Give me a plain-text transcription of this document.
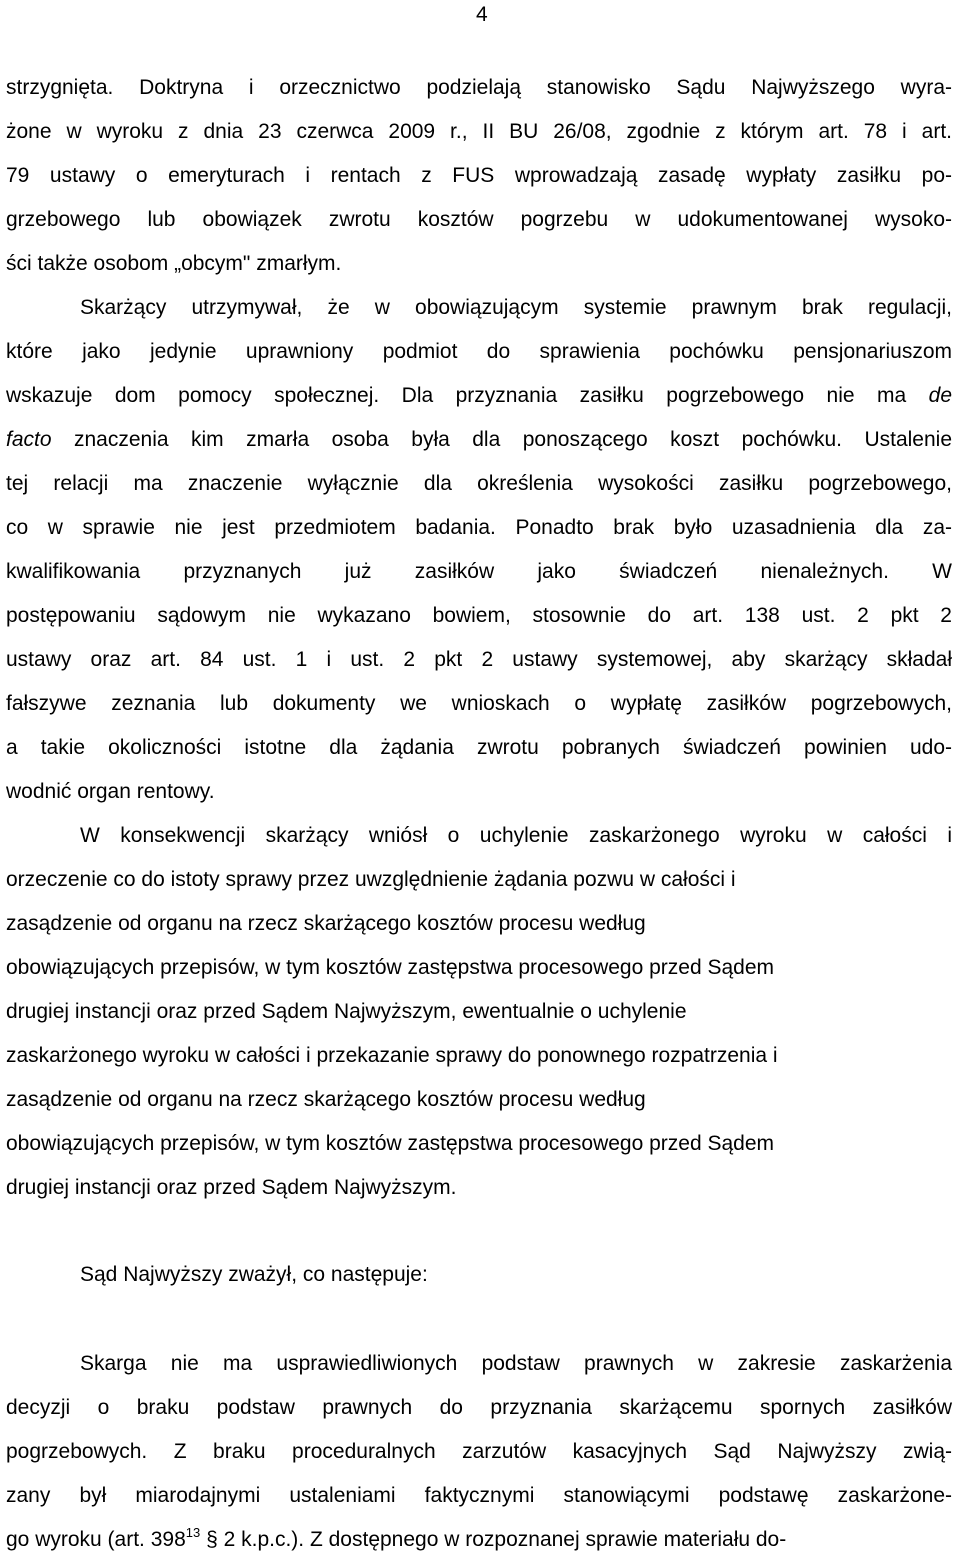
4
strzygnięta. Doktryna i orzecznictwo podzielają stanowisko Sądu Najwyższego wyra-
żone w wyroku z dnia 23 czerwca 2009 r., II BU 26/08, zgodnie z którym art. 78 i art.
79 ustawy o emeryturach i rentach z FUS wprowadzają zasadę wypłaty zasiłku po-
grzebowego lub obowiązek zwrotu kosztów pogrzebu w udokumentowanej wysoko-
ści także osobom „obcym" zmarłym.
Skarżący utrzymywał, że w obowiązującym systemie prawnym brak regulacji,
które jako jedynie uprawniony podmiot do sprawienia pochówku pensjonariuszom
wskazuje dom pomocy społecznej. Dla przyznania zasiłku pogrzebowego nie ma de
facto znaczenia kim zmarła osoba była dla ponoszącego koszt pochówku. Ustalenie
tej relacji ma znaczenie wyłącznie dla określenia wysokości zasiłku pogrzebowego,
co w sprawie nie jest przedmiotem badania. Ponadto brak było uzasadnienia dla za-
kwalifikowania przyznanych już zasiłków jako świadczeń nienależnych. W
postępowaniu sądowym nie wykazano bowiem, stosownie do art. 138 ust. 2 pkt 2
ustawy oraz art. 84 ust. 1 i ust. 2 pkt 2 ustawy systemowej, aby skarżący składał
fałszywe zeznania lub dokumenty we wnioskach o wypłatę zasiłków pogrzebowych,
a takie okoliczności istotne dla żądania zwrotu pobranych świadczeń powinien udo-
wodnić organ rentowy.
W konsekwencji skarżący wniósł o uchylenie zaskarżonego wyroku w całości i
orzeczenie co do istoty sprawy przez uwzględnienie żądania pozwu w całości i
zasądzenie od organu na rzecz skarżącego kosztów procesu według
obowiązujących przepisów, w tym kosztów zastępstwa procesowego przed Sądem
drugiej instancji oraz przed Sądem Najwyższym, ewentualnie o uchylenie
zaskarżonego wyroku w całości i przekazanie sprawy do ponownego rozpatrzenia i
zasądzenie od organu na rzecz skarżącego kosztów procesu według
obowiązujących przepisów, w tym kosztów zastępstwa procesowego przed Sądem
drugiej instancji oraz przed Sądem Najwyższym.
Sąd Najwyższy zważył, co następuje:
Skarga nie ma usprawiedliwionych podstaw prawnych w zakresie zaskarżenia
decyzji o braku podstaw prawnych do przyznania skarżącemu spornych zasiłków
pogrzebowych. Z braku proceduralnych zarzutów kasacyjnych Sąd Najwyższy zwią-
zany był miarodajnymi ustaleniami faktycznymi stanowiącymi podstawę zaskarżone-
go wyroku (art. $398^{13}$ § 2 k.p.c.). Z dostępnego w rozpoznanej sprawie materiału do-
